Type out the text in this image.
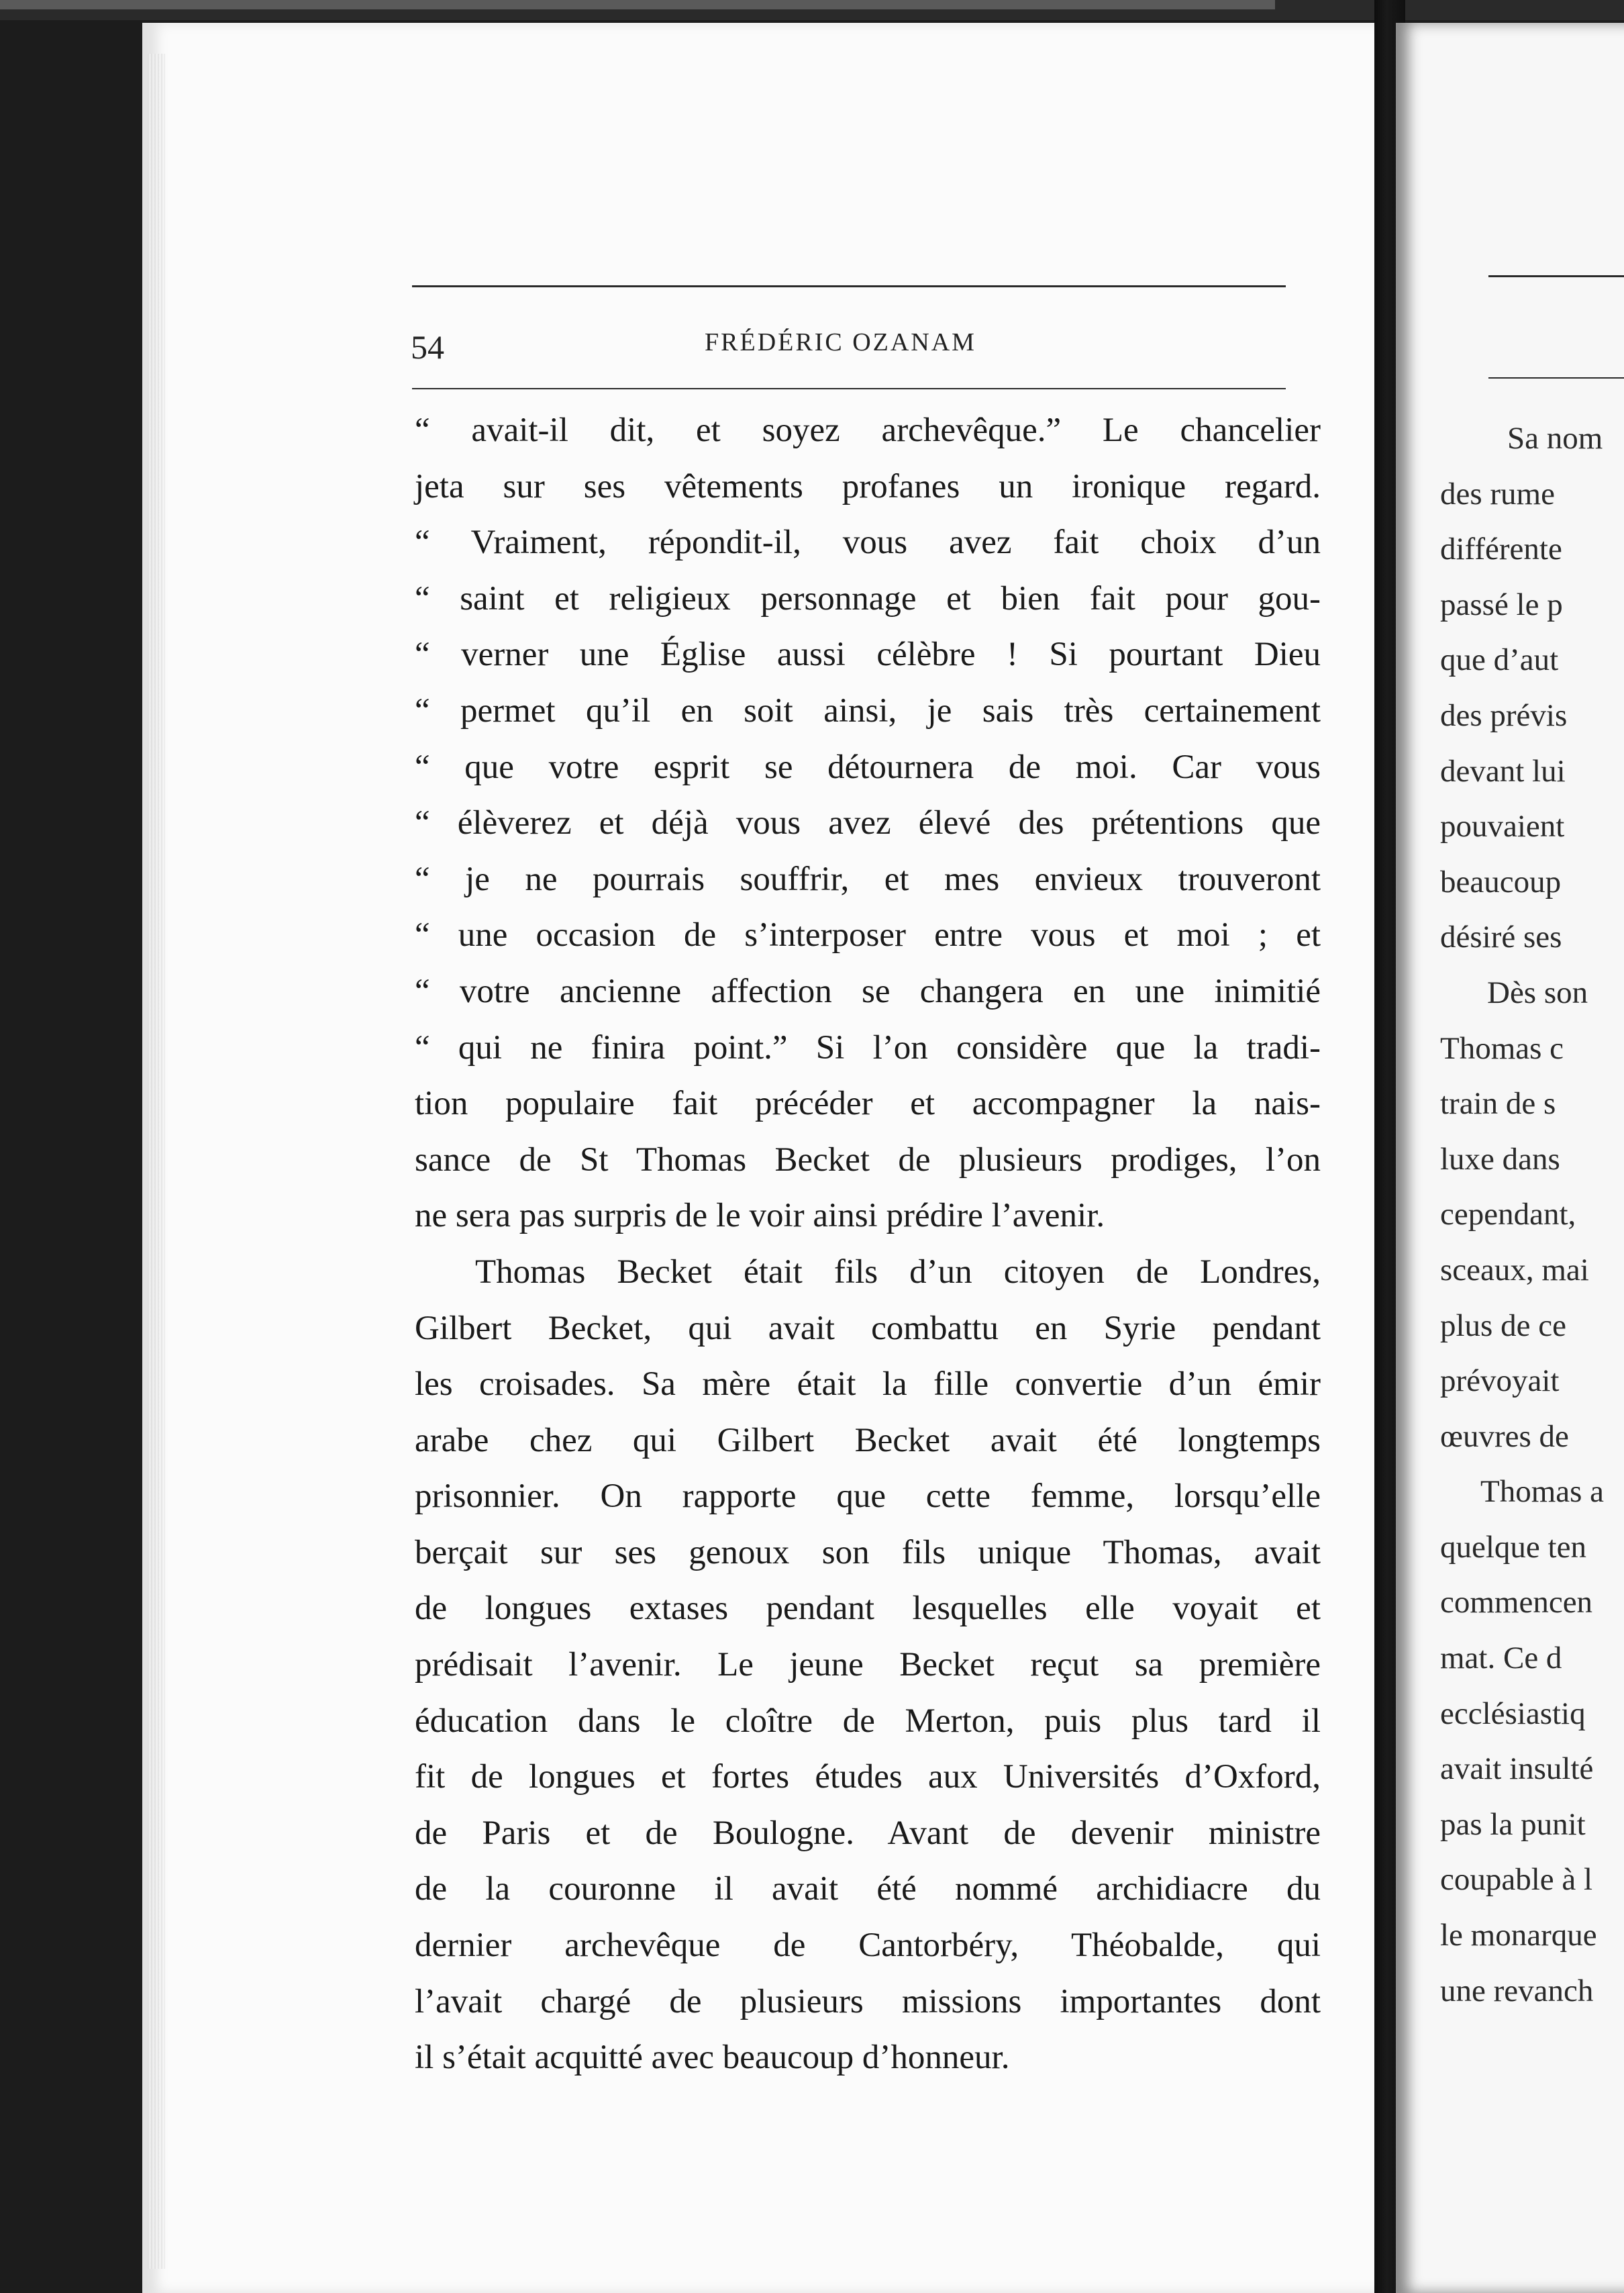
54	FRÉDÉRIC OZANAM
“ avait-il dit, et soyez archevêque.” Le chancelier
jeta sur ses vêtements profanes un ironique regard.
“ Vraiment, répondit-il, vous avez fait choix d’un
“ saint et religieux personnage et bien fait pour gou-
“ verner une Église aussi célèbre ! Si pourtant Dieu
“ permet qu’il en soit ainsi, je sais très certainement
“ que votre esprit se détournera de moi. Car vous
“ élèverez et déjà vous avez élevé des prétentions que
“ je ne pourrais souffrir, et mes envieux trouveront
“ une occasion de s’interposer entre vous et moi ; et
“ votre ancienne affection se changera en une inimitié
“ qui ne finira point.” Si l’on considère que la tradi-
tion populaire fait précéder et accompagner la nais-
sance de St Thomas Becket de plusieurs prodiges, l’on
ne sera pas surpris de le voir ainsi prédire l’avenir.
Thomas Becket était fils d’un citoyen de Londres,
Gilbert Becket, qui avait combattu en Syrie pendant
les croisades. Sa mère était la fille convertie d’un émir
arabe chez qui Gilbert Becket avait été longtemps
prisonnier. On rapporte que cette femme, lorsqu’elle
berçait sur ses genoux son fils unique Thomas, avait
de longues extases pendant lesquelles elle voyait et
prédisait l’avenir. Le jeune Becket reçut sa première
éducation dans le cloître de Merton, puis plus tard il
fit de longues et fortes études aux Universités d’Oxford,
de Paris et de Boulogne. Avant de devenir ministre
de la couronne il avait été nommé archidiacre du
dernier archevêque de Cantorbéry, Théobalde, qui
l’avait chargé de plusieurs missions importantes dont
il s’était acquitté avec beaucoup d’honneur.
Sa nom
des rume
différente
passé le p
que d’aut
des prévis
devant lui
pouvaient
beaucoup
désiré ses
Dès son
Thomas c
train de s
luxe dans
cependant,
sceaux, mai
plus de ce
prévoyait
œuvres de
Thomas a
quelque ten
commencen
mat. Ce d
ecclésiastiq
avait insulté
pas la punit
coupable à l
le monarque
une revanch
